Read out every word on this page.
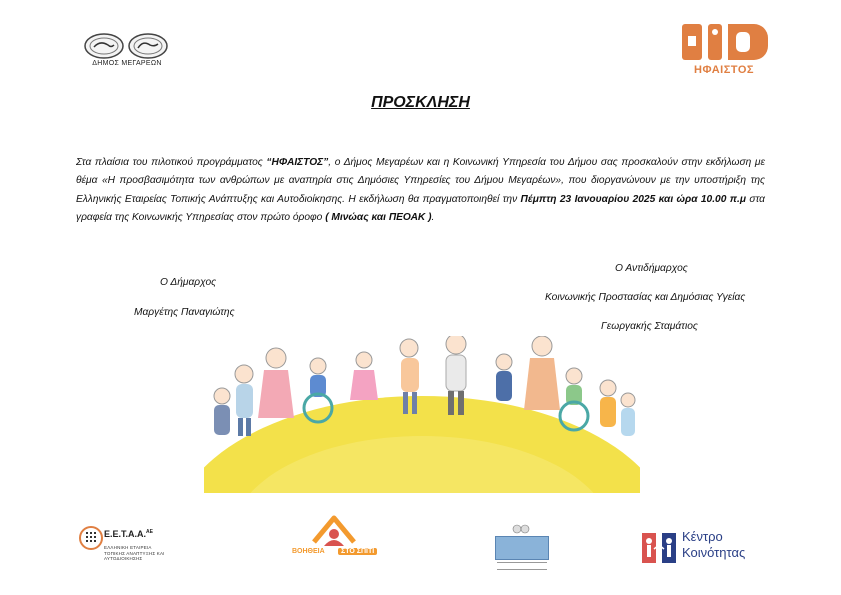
ΔΗΜΟΣ ΜΕΓΑΡΕΩΝ
ΗΦΑΙΣΤΟΣ
ΠΡΟΣΚΛΗΣΗ
Στα πλαίσια του πιλοτικού προγράμματος “ΗΦΑΙΣΤΟΣ”, ο Δήμος Μεγαρέων και η Κοινωνική Υπηρεσία του Δήμου σας προσκαλούν στην εκδήλωση με θέμα «Η προσβασιμότητα των ανθρώπων με αναπηρία στις Δημόσιες Υπηρεσίες του Δήμου Μεγαρέων», που διοργανώνουν με την υποστήριξη της Ελληνικής Εταιρείας Τοπικής Ανάπτυξης και Αυτοδιοίκησης. Η εκδήλωση θα πραγματοποιηθεί την Πέμπτη 23 Ιανουαρίου 2025 και ώρα 10.00 π.μ στα γραφεία της Κοινωνικής Υπηρεσίας στον πρώτο όροφο ( Μινώας και ΠΕΟΑΚ ).
Ο Δήμαρχος
Μαργέτης Παναγιώτης
Ο Αντιδήμαρχος
Κοινωνικής Προστασίας και Δημόσιας Υγείας
Γεωργακής Σταμάτιος
Ε.Ε.Τ.Α.Α.$^{AE}$
ΕΛΛΗΝΙΚΗ ΕΤΑΙΡΕΙΑ
ΤΟΠΙΚΗΣ ΑΝΑΠΤΥΞΗΣ ΚΑΙ ΑΥΤΟΔΙΟΙΚΗΣΗΣ
ΒΟΗΘΕΙΑ	ΣΤΟ ΣΠΙΤΙ
Κέντρο
Κοινότητας
